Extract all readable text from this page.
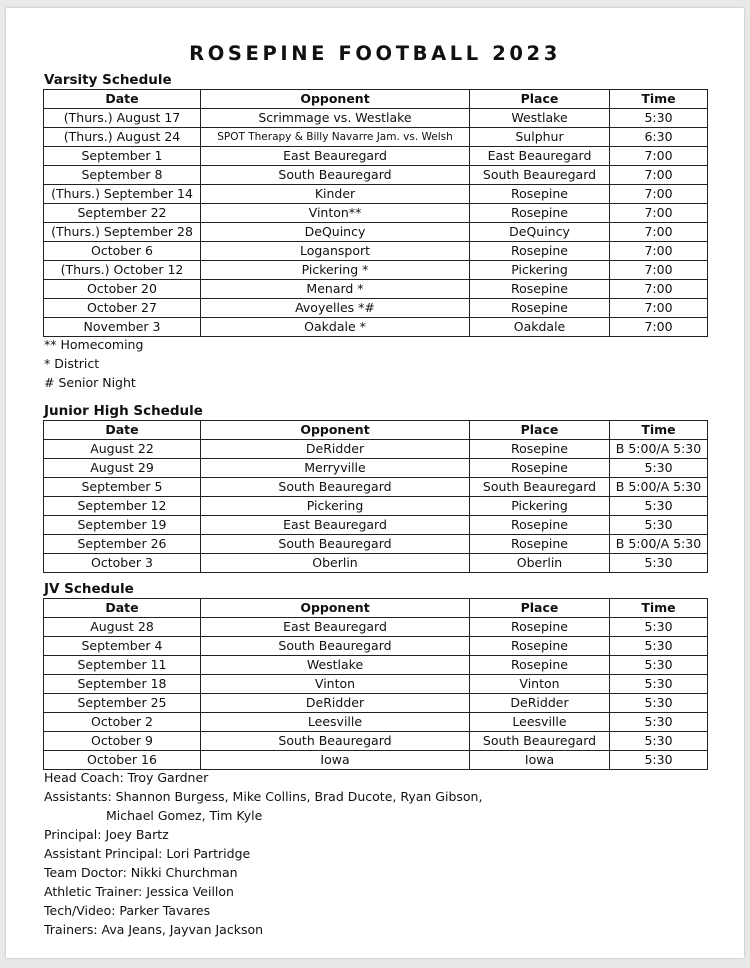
ROSEPINE FOOTBALL 2023
Varsity Schedule
Date	Opponent	Place	Time
(Thurs.) August 17	Scrimmage vs. Westlake	Westlake	5:30
(Thurs.) August 24	SPOT Therapy & Billy Navarre Jam. vs. Welsh	Sulphur	6:30
September 1	East Beauregard	East Beauregard	7:00
September 8	South Beauregard	South Beauregard	7:00
(Thurs.) September 14	Kinder	Rosepine	7:00
September 22	Vinton**	Rosepine	7:00
(Thurs.) September 28	DeQuincy	DeQuincy	7:00
October 6	Logansport	Rosepine	7:00
(Thurs.) October 12	Pickering *	Pickering	7:00
October 20	Menard *	Rosepine	7:00
October 27	Avoyelles *#	Rosepine	7:00
November 3	Oakdale *	Oakdale	7:00
** Homecoming
* District
# Senior Night
Junior High Schedule
Date	Opponent	Place	Time
August 22	DeRidder	Rosepine	B 5:00/A 5:30
August 29	Merryville	Rosepine	5:30
September 5	South Beauregard	South Beauregard	B 5:00/A 5:30
September 12	Pickering	Pickering	5:30
September 19	East Beauregard	Rosepine	5:30
September 26	South Beauregard	Rosepine	B 5:00/A 5:30
October 3	Oberlin	Oberlin	5:30
JV Schedule
Date	Opponent	Place	Time
August 28	East Beauregard	Rosepine	5:30
September 4	South Beauregard	Rosepine	5:30
September 11	Westlake	Rosepine	5:30
September 18	Vinton	Vinton	5:30
September 25	DeRidder	DeRidder	5:30
October 2	Leesville	Leesville	5:30
October 9	South Beauregard	South Beauregard	5:30
October 16	Iowa	Iowa	5:30
Head Coach: Troy Gardner
Assistants: Shannon Burgess, Mike Collins, Brad Ducote, Ryan Gibson,
Michael Gomez, Tim Kyle
Principal: Joey Bartz
Assistant Principal: Lori Partridge
Team Doctor: Nikki Churchman
Athletic Trainer: Jessica Veillon
Tech/Video: Parker Tavares
Trainers: Ava Jeans, Jayvan Jackson
